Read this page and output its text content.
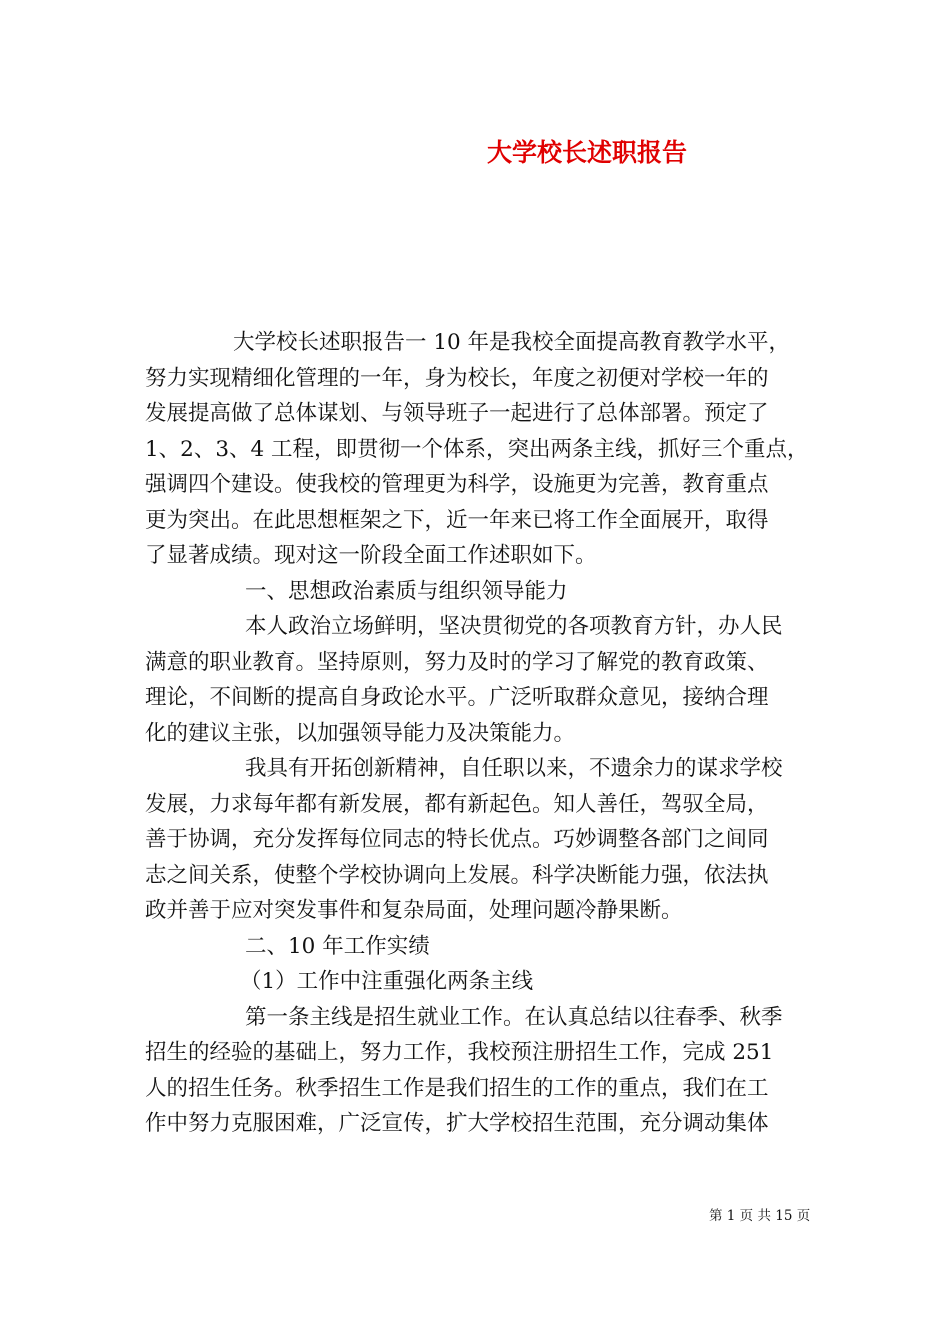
大学校长述职报告
大学校长述职报告一 10 年是我校全面提高教育教学水平，
努力实现精细化管理的一年，身为校长，年度之初便对学校一年的
发展提高做了总体谋划、与领导班子一起进行了总体部署。预定了
1、2、3、4 工程，即贯彻一个体系，突出两条主线，抓好三个重点，
强调四个建设。使我校的管理更为科学，设施更为完善，教育重点
更为突出。在此思想框架之下，近一年来已将工作全面展开，取得
了显著成绩。现对这一阶段全面工作述职如下。
一、思想政治素质与组织领导能力
本人政治立场鲜明，坚决贯彻党的各项教育方针，办人民
满意的职业教育。坚持原则，努力及时的学习了解党的教育政策、
理论，不间断的提高自身政论水平。广泛听取群众意见，接纳合理
化的建议主张，以加强领导能力及决策能力。
我具有开拓创新精神，自任职以来，不遗余力的谋求学校
发展，力求每年都有新发展，都有新起色。知人善任，驾驭全局，
善于协调，充分发挥每位同志的特长优点。巧妙调整各部门之间同
志之间关系，使整个学校协调向上发展。科学决断能力强，依法执
政并善于应对突发事件和复杂局面，处理问题冷静果断。
二、10 年工作实绩
（1）工作中注重强化两条主线
第一条主线是招生就业工作。在认真总结以往春季、秋季
招生的经验的基础上，努力工作，我校预注册招生工作，完成 251
人的招生任务。秋季招生工作是我们招生的工作的重点，我们在工
作中努力克服困难，广泛宣传，扩大学校招生范围，充分调动集体
第 1 页 共 15 页
